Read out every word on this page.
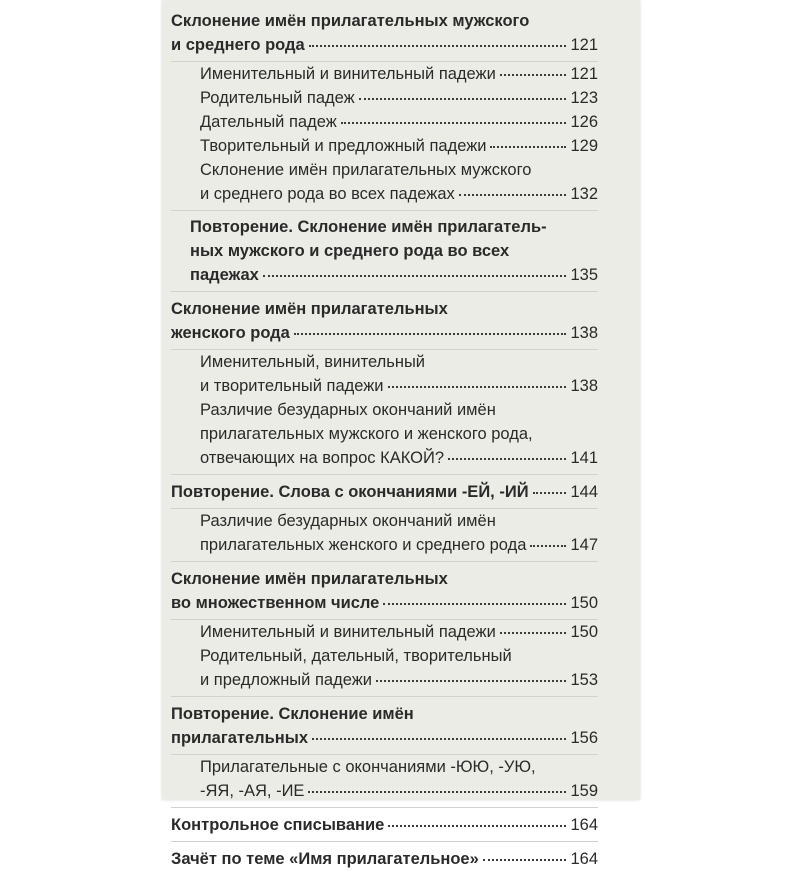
Склонение имён прилагательных мужского
и среднего рода	121
Именительный и винительный падежи	121
Родительный падеж	123
Дательный падеж	126
Творительный и предложный падежи	129
Склонение имён прилагательных мужского
и среднего рода во всех падежах	132
Повторение. Склонение имён прилагатель-
ных мужского и среднего рода во всех
падежах	135
Склонение имён прилагательных
женского рода	138
Именительный, винительный
и творительный падежи	138
Различие безударных окончаний имён
прилагательных мужского и женского рода,
отвечающих на вопрос КАКОЙ?	141
Повторение. Слова с окончаниями -ЕЙ, -ИЙ	144
Различие безударных окончаний имён
прилагательных женского и среднего рода	147
Склонение имён прилагательных
во множественном числе	150
Именительный и винительный падежи	150
Родительный, дательный, творительный
и предложный падежи	153
Повторение. Склонение имён
прилагательных	156
Прилагательные с окончаниями -ЮЮ, -УЮ,
-ЯЯ, -АЯ, -ИЕ	159
Контрольное списывание	164
Зачёт по теме «Имя прилагательное»	164
